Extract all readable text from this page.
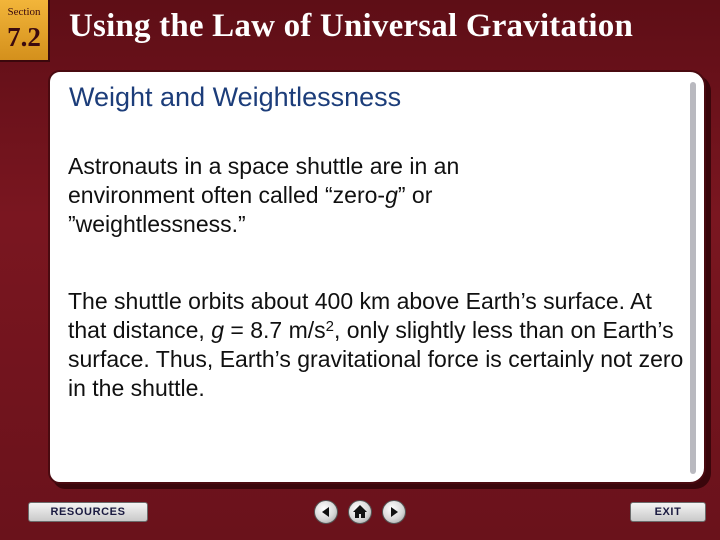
Section
7.2 Using the Law of Universal Gravitation
Weight and Weightlessness
Astronauts in a space shuttle are in an
environment often called “zero-g” or
”weightlessness.”
The shuttle orbits about 400 km above Earth’s surface. At that distance, g = 8.7 $m/s^2$, only slightly less than on Earth’s surface. Thus, Earth’s gravitational force is certainly not zero in the shuttle.
RESOURCES	EXIT
